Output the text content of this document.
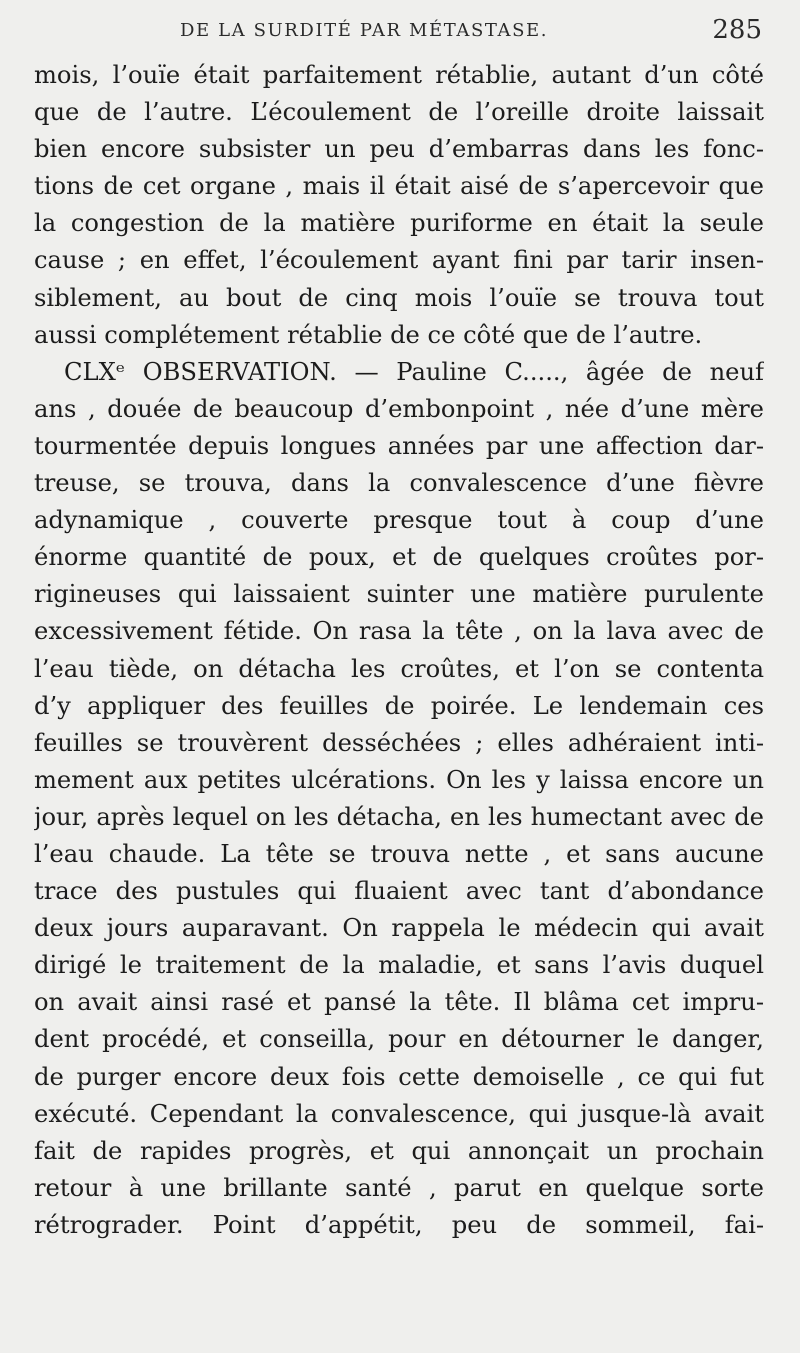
DE LA SURDITÉ PAR MÉTASTASE.	285
mois, l’ouïe était parfaitement rétablie, autant d’un côté
que de l’autre. L’écoulement de l’oreille droite laissait
bien encore subsister un peu d’embarras dans les fonc-
tions de cet organe , mais il était aisé de s’apercevoir que
la congestion de la matière puriforme en était la seule
cause ; en effet, l’écoulement ayant fini par tarir insen-
siblement, au bout de cinq mois l’ouïe se trouva tout
aussi complétement rétablie de ce côté que de l’autre.
CLXᵉ OBSERVATION. — Pauline C....., âgée de neuf
ans , douée de beaucoup d’embonpoint , née d’une mère
tourmentée depuis longues années par une affection dar-
treuse, se trouva, dans la convalescence d’une fièvre
adynamique , couverte presque tout à coup d’une
énorme quantité de poux, et de quelques croûtes por-
rigineuses qui laissaient suinter une matière purulente
excessivement fétide. On rasa la tête , on la lava avec de
l’eau tiède, on détacha les croûtes, et l’on se contenta
d’y appliquer des feuilles de poirée. Le lendemain ces
feuilles se trouvèrent desséchées ; elles adhéraient inti-
mement aux petites ulcérations. On les y laissa encore un
jour, après lequel on les détacha, en les humectant avec de
l’eau chaude. La tête se trouva nette , et sans aucune
trace des pustules qui fluaient avec tant d’abondance
deux jours auparavant. On rappela le médecin qui avait
dirigé le traitement de la maladie, et sans l’avis duquel
on avait ainsi rasé et pansé la tête. Il blâma cet impru-
dent procédé, et conseilla, pour en détourner le danger,
de purger encore deux fois cette demoiselle , ce qui fut
exécuté. Cependant la convalescence, qui jusque-là avait
fait de rapides progrès, et qui annonçait un prochain
retour à une brillante santé , parut en quelque sorte
rétrograder. Point d’appétit, peu de sommeil, fai-
